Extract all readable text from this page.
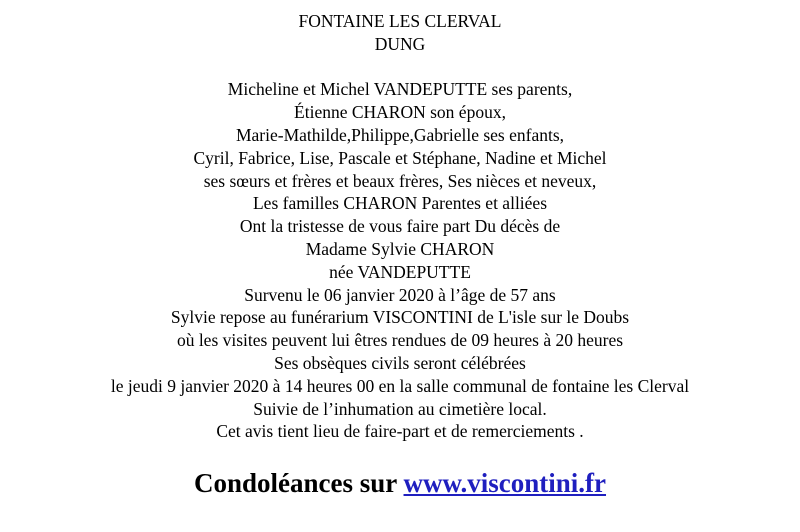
FONTAINE LES CLERVAL

DUNG

Micheline et Michel VANDEPUTTE ses parents,

Étienne CHARON son époux,

Marie-Mathilde,Philippe,Gabrielle ses enfants,

Cyril, Fabrice, Lise, Pascale et Stéphane, Nadine et Michel

ses sœurs et frères et beaux frères, Ses nièces et neveux,

Les familles CHARON Parentes et alliées

Ont la tristesse de vous faire part Du décès de

Madame Sylvie CHARON

née VANDEPUTTE

Survenu le 06 janvier 2020 à l’âge de 57 ans

Sylvie repose au funérarium VISCONTINI de L'isle sur le Doubs

où les visites peuvent lui êtres rendues de 09 heures à 20 heures

Ses obsèques civils seront célébrées

le jeudi 9 janvier 2020 à 14 heures 00 en la salle communal de fontaine les Clerval

Suivie de l’inhumation au cimetière local.

Cet avis tient lieu de faire-part et de remerciements .

Condoléances sur www.viscontini.fr
